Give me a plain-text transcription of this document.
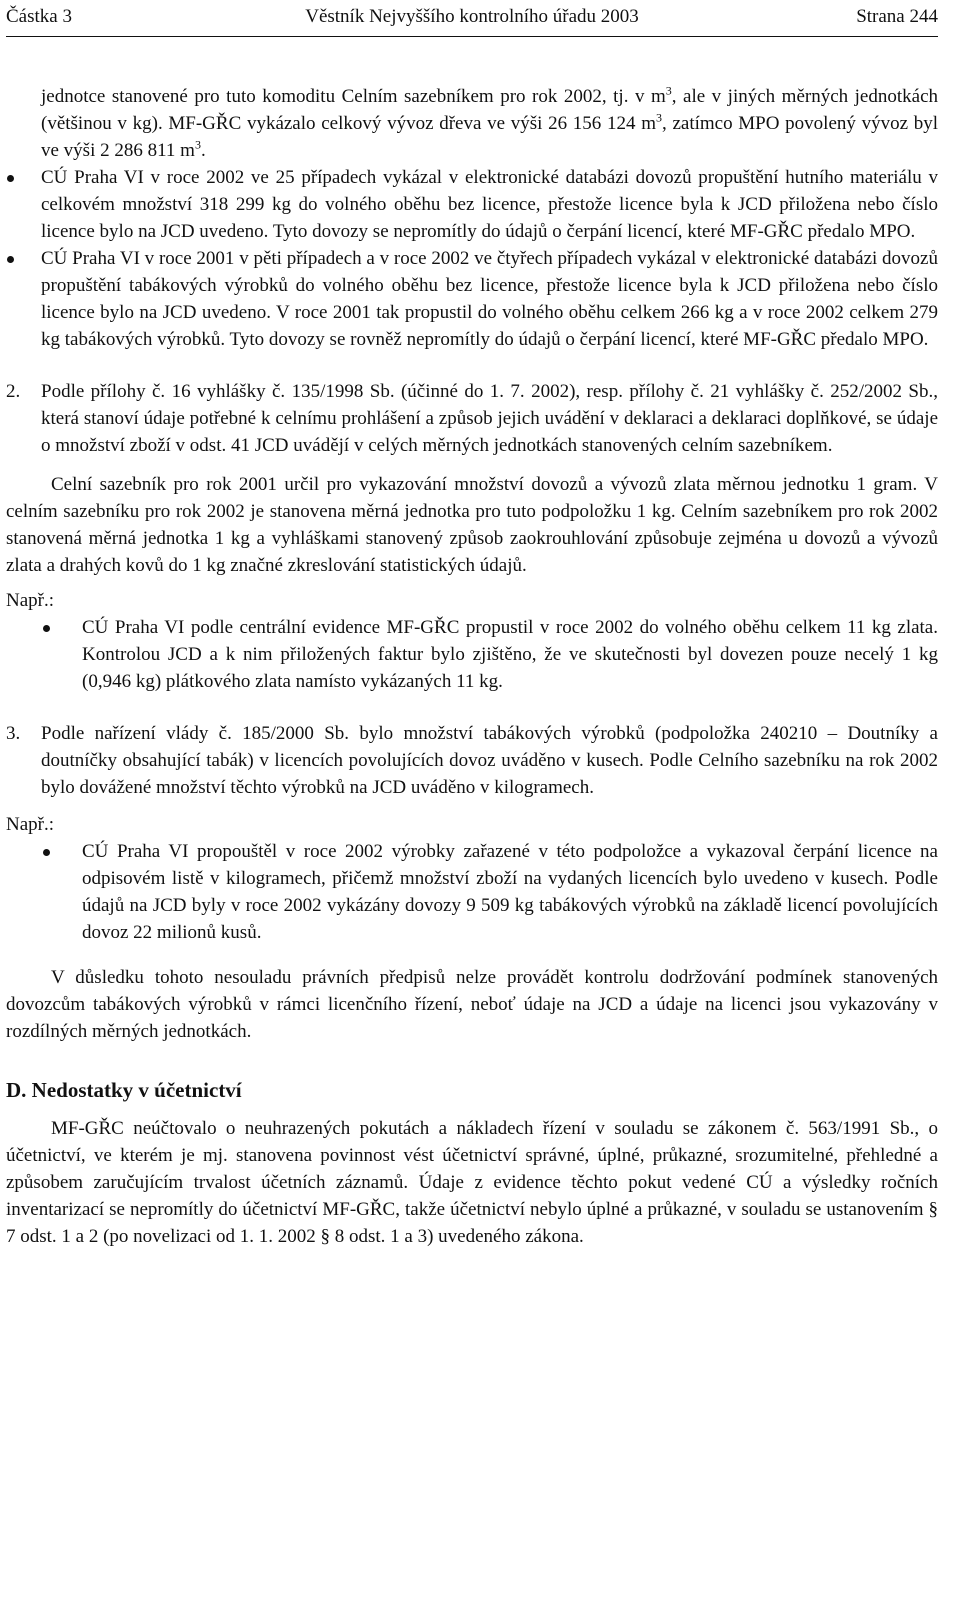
Částka 3	Věstník Nejvyššího kontrolního úřadu 2003	Strana 244

jednotce stanovené pro tuto komoditu Celním sazebníkem pro rok 2002, tj. v $m^3$, ale v jiných měrných jednotkách (většinou v kg). MF-GŘC vykázalo celkový vývoz dřeva ve výši 26 156 124 $m^3$, zatímco MPO povolený vývoz byl ve výši 2 286 811 $m^3$.

CÚ Praha VI v roce 2002 ve 25 případech vykázal v elektronické databázi dovozů propuštění hutního materiálu v celkovém množství 318 299 kg do volného oběhu bez licence, přestože licence byla k JCD přiložena nebo číslo licence bylo na JCD uvedeno. Tyto dovozy se nepromítly do údajů o čerpání licencí, které MF-GŘC předalo MPO.
CÚ Praha VI v roce 2001 v pěti případech a v roce 2002 ve čtyřech případech vykázal v elektronické databázi dovozů propuštění tabákových výrobků do volného oběhu bez licence, přestože licence byla k JCD přiložena nebo číslo licence bylo na JCD uvedeno. V roce 2001 tak propustil do volného oběhu celkem 266 kg a v roce 2002 celkem 279 kg tabákových výrobků. Tyto dovozy se rovněž nepromítly do údajů o čerpání licencí, které MF-GŘC předalo MPO.
2. Podle přílohy č. 16 vyhlášky č. 135/1998 Sb. (účinné do 1. 7. 2002), resp. přílohy č. 21 vyhlášky č. 252/2002 Sb., která stanoví údaje potřebné k celnímu prohlášení a způsob jejich uvádění v deklaraci a deklaraci doplňkové, se údaje o množství zboží v odst. 41 JCD uvádějí v celých měrných jednotkách stanovených celním sazebníkem.

Celní sazebník pro rok 2001 určil pro vykazování množství dovozů a vývozů zlata měrnou jednotku 1 gram. V celním sazebníku pro rok 2002 je stanovena měrná jednotka pro tuto podpoložku 1 kg. Celním sazebníkem pro rok 2002 stanovená měrná jednotka 1 kg a vyhláškami stanovený způsob zaokrouhlování způsobuje zejména u dovozů a vývozů zlata a drahých kovů do 1 kg značné zkreslování statistických údajů.

Např.:

CÚ Praha VI podle centrální evidence MF-GŘC propustil v roce 2002 do volného oběhu celkem 11 kg zlata. Kontrolou JCD a k nim přiložených faktur bylo zjištěno, že ve skutečnosti byl dovezen pouze necelý 1 kg (0,946 kg) plátkového zlata namísto vykázaných 11 kg.
3. Podle nařízení vlády č. 185/2000 Sb. bylo množství tabákových výrobků (podpoložka 240210 – Doutníky a doutníčky obsahující tabák) v licencích povolujících dovoz uváděno v kusech. Podle Celního sazebníku na rok 2002 bylo dovážené množství těchto výrobků na JCD uváděno v kilogramech.

Např.:

CÚ Praha VI propouštěl v roce 2002 výrobky zařazené v této podpoložce a vykazoval čerpání licence na odpisovém listě v kilogramech, přičemž množství zboží na vydaných licencích bylo uvedeno v kusech. Podle údajů na JCD byly v roce 2002 vykázány dovozy 9 509 kg tabákových výrobků na základě licencí povolujících dovoz 22 milionů kusů.

V důsledku tohoto nesouladu právních předpisů nelze provádět kontrolu dodržování podmínek stanovených dovozcům tabákových výrobků v rámci licenčního řízení, neboť údaje na JCD a údaje na licenci jsou vykazovány v rozdílných měrných jednotkách.

D. Nedostatky v účetnictví

MF-GŘC neúčtovalo o neuhrazených pokutách a nákladech řízení v souladu se zákonem č. 563/1991 Sb., o účetnictví, ve kterém je mj. stanovena povinnost vést účetnictví správné, úplné, průkazné, srozumitelné, přehledné a způsobem zaručujícím trvalost účetních záznamů. Údaje z evidence těchto pokut vedené CÚ a výsledky ročních inventarizací se nepromítly do účetnictví MF-GŘC, takže účetnictví nebylo úplné a průkazné, v souladu se ustanovením § 7 odst. 1 a 2 (po novelizaci od 1. 1. 2002 § 8 odst. 1 a 3) uvedeného zákona.
